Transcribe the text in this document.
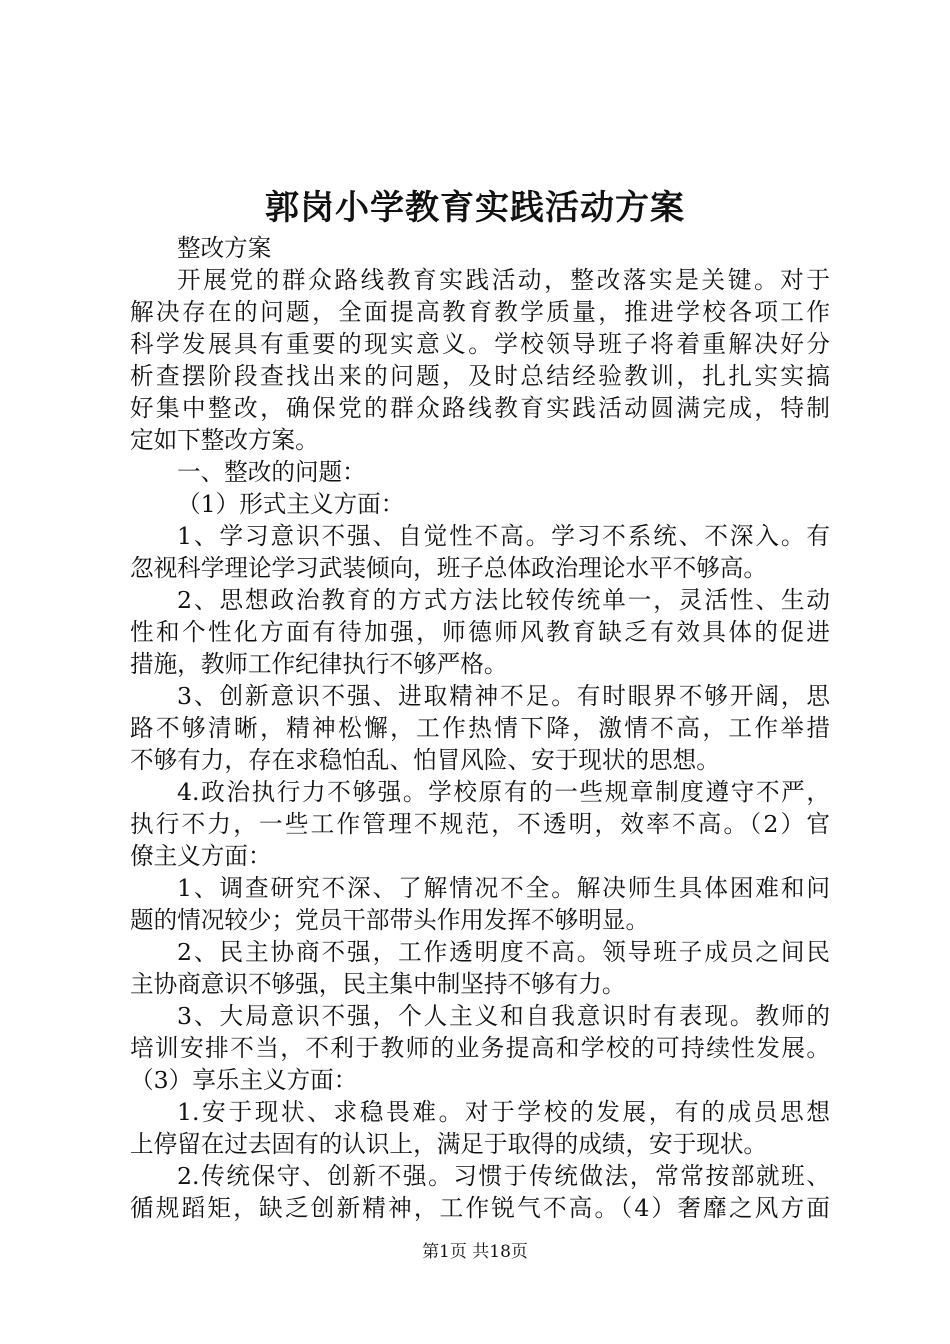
郭岗小学教育实践活动方案
整改方案
开展党的群众路线教育实践活动，整改落实是关键。对于
解决存在的问题，全面提高教育教学质量，推进学校各项工作
科学发展具有重要的现实意义。学校领导班子将着重解决好分
析查摆阶段查找出来的问题，及时总结经验教训，扎扎实实搞
好集中整改，确保党的群众路线教育实践活动圆满完成，特制
定如下整改方案。
一、整改的问题：
（1）形式主义方面：
1、学习意识不强、自觉性不高。学习不系统、不深入。有
忽视科学理论学习武装倾向，班子总体政治理论水平不够高。
2、思想政治教育的方式方法比较传统单一，灵活性、生动
性和个性化方面有待加强，师德师风教育缺乏有效具体的促进
措施，教师工作纪律执行不够严格。
3、创新意识不强、进取精神不足。有时眼界不够开阔，思
路不够清晰，精神松懈，工作热情下降，激情不高，工作举措
不够有力，存在求稳怕乱、怕冒风险、安于现状的思想。
4.政治执行力不够强。学校原有的一些规章制度遵守不严，
执行不力，一些工作管理不规范，不透明，效率不高。（2）官
僚主义方面：
1、调查研究不深、了解情况不全。解决师生具体困难和问
题的情况较少；党员干部带头作用发挥不够明显。
2、民主协商不强，工作透明度不高。领导班子成员之间民
主协商意识不够强，民主集中制坚持不够有力。
3、大局意识不强，个人主义和自我意识时有表现。教师的
培训安排不当，不利于教师的业务提高和学校的可持续性发展。
（3）享乐主义方面：
1.安于现状、求稳畏难。对于学校的发展，有的成员思想
上停留在过去固有的认识上，满足于取得的成绩，安于现状。
2.传统保守、创新不强。习惯于传统做法，常常按部就班、
循规蹈矩，缺乏创新精神，工作锐气不高。（4）奢靡之风方面
第1页 共18页
